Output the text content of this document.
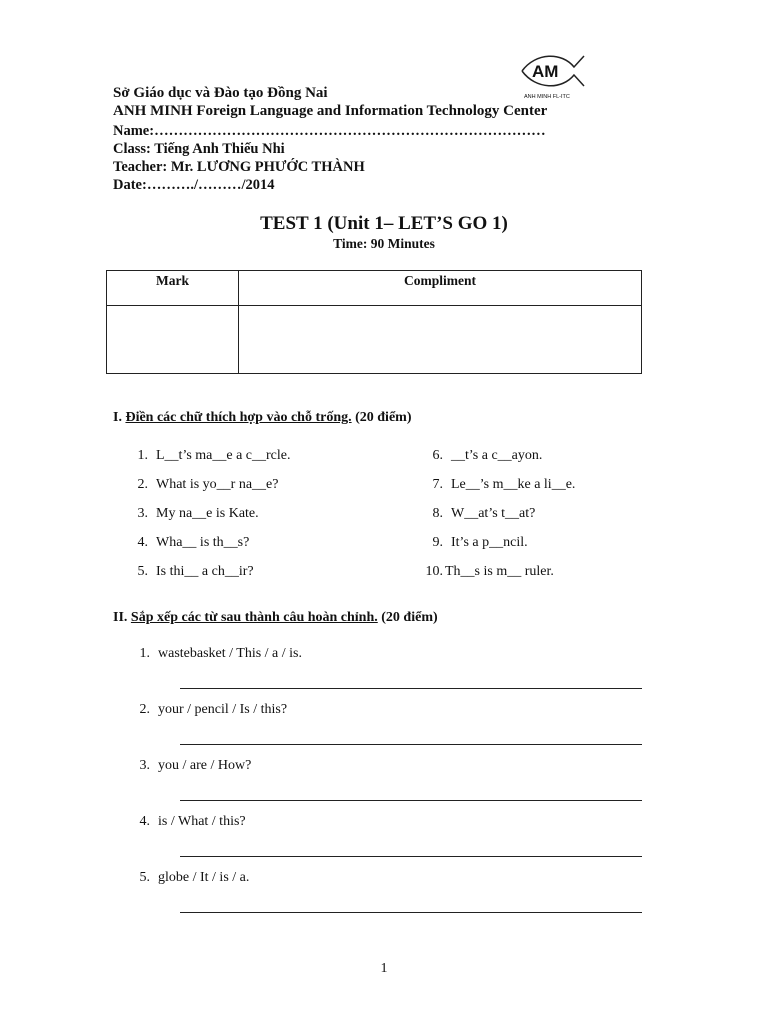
AM
ANH MINH FL-ITC
Sở Giáo dục và Đào tạo Đồng Nai
ANH MINH Foreign Language and Information Technology Center
Name:………………………………………………………………………
Class: Tiếng Anh Thiếu Nhi
Teacher: Mr. LƯƠNG PHƯỚC THÀNH
Date:………./………/2014
TEST 1 (Unit 1– LET’S GO 1)
Time: 90 Minutes
Mark	Compliment

I. Điền các chữ thích hợp vào chỗ trống. (20 điểm)
1. L__t’s ma__e a c__rcle.
2. What is yo__r na__e?
3. My na__e is Kate.
4. Wha__ is th__s?
5. Is thi__ a ch__ir?
6. __t’s a c__ayon.
7. Le__’s m__ke a li__e.
8. W__at’s t__at?
9. It’s a p__ncil.
10. Th__s is m__ ruler.
II. Sắp xếp các từ sau thành câu hoàn chỉnh. (20 điểm)
1. wastebasket / This / a / is.
2. your / pencil / Is / this?
3. you / are / How?
4. is / What / this?
5. globe / It / is / a.
1
